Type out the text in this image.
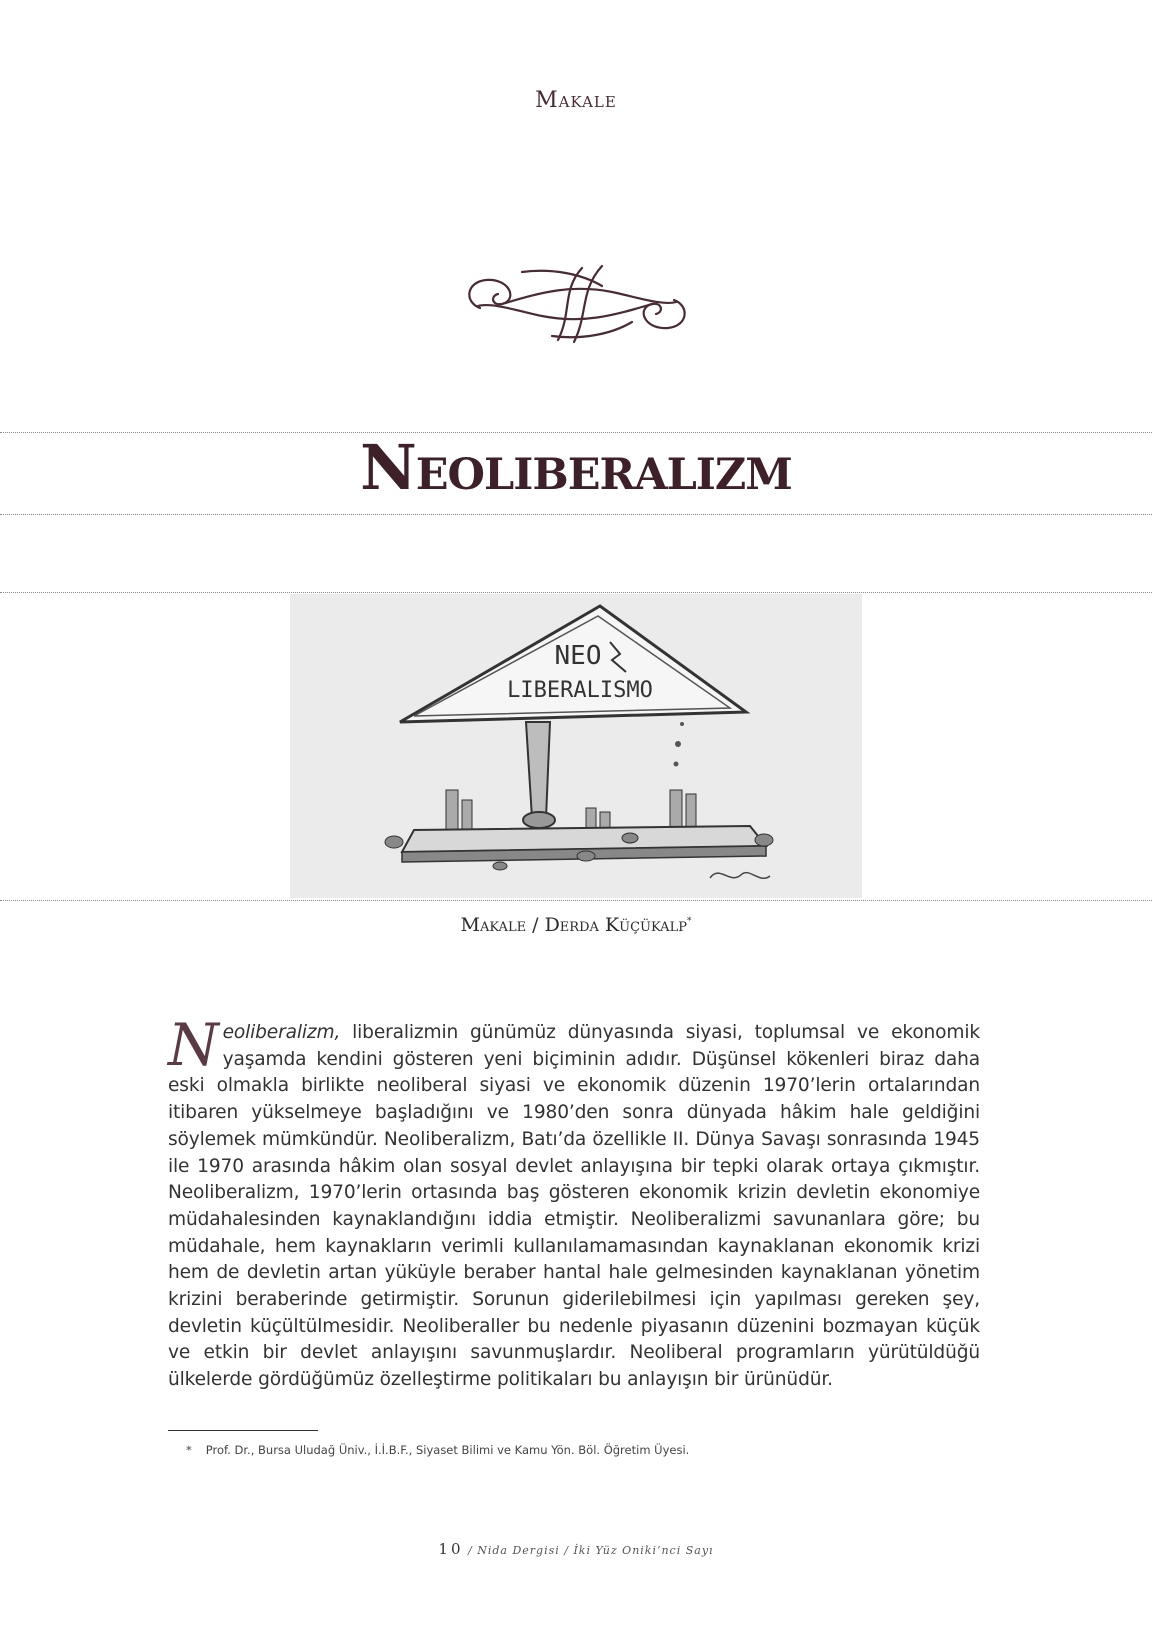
Makale
Neoliberalizm
NEO
LIBERALISMO
Makale / Derda Küçükalp*
Neoliberalizm, liberalizmin günümüz dünyasında siyasi, toplumsal ve ekonomik yaşamda kendini gösteren yeni biçiminin adıdır. Düşünsel kökenleri biraz daha eski olmakla birlikte neoliberal siyasi ve ekonomik düzenin 1970’lerin ortalarından itibaren yükselmeye başladığını ve 1980’den sonra dünyada hâkim hale geldiğini söylemek mümkündür. Neoliberalizm, Batı’da özellikle II. Dünya Savaşı sonrasında 1945 ile 1970 arasında hâkim olan sosyal devlet anlayışına bir tepki olarak ortaya çıkmıştır. Neoliberalizm, 1970’lerin ortasında baş gösteren ekonomik krizin devletin ekonomiye müdahalesinden kaynaklandığını iddia etmiştir. Neoliberalizmi savunanlara göre; bu müdahale, hem kaynakların verimli kullanılamamasından kaynaklanan ekonomik krizi hem de devletin artan yüküyle beraber hantal hale gelmesinden kaynaklanan yönetim krizini beraberinde getirmiştir. Sorunun giderilebilmesi için yapılması gereken şey, devletin küçültülmesidir. Neoliberaller bu nedenle piyasanın düzenini bozmayan küçük ve etkin bir devlet anlayışını savunmuşlardır. Neoliberal programların yürütüldüğü ülkelerde gördüğümüz özelleştirme politikaları bu anlayışın bir ürünüdür.
* Prof. Dr., Bursa Uludağ Üniv., İ.İ.B.F., Siyaset Bilimi ve Kamu Yön. Böl. Öğretim Üyesi.
10 / Nida Dergisi / İki Yüz Oniki’nci Sayı
